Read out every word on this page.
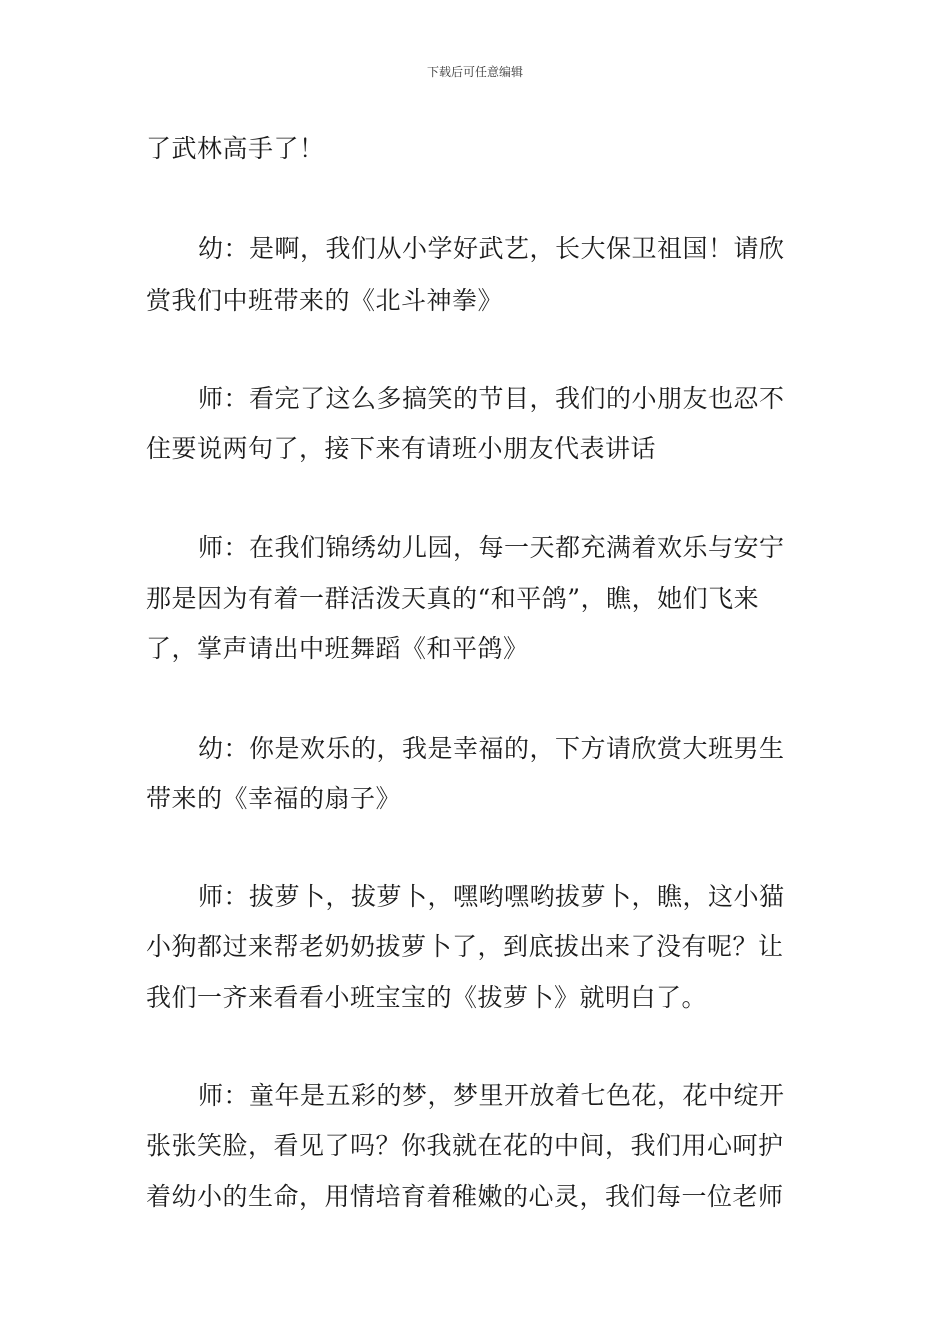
下载后可任意编辑
了武林高手了！
幼：是啊，我们从小学好武艺，长大保卫祖国！请欣
赏我们中班带来的《北斗神拳》
师：看完了这么多搞笑的节目，我们的小朋友也忍不
住要说两句了，接下来有请班小朋友代表讲话
师：在我们锦绣幼儿园，每一天都充满着欢乐与安宁
那是因为有着一群活泼天真的“和平鸽”，瞧，她们飞来
了，掌声请出中班舞蹈《和平鸽》
幼：你是欢乐的，我是幸福的，下方请欣赏大班男生
带来的《幸福的扇子》
师：拔萝卜，拔萝卜，嘿哟嘿哟拔萝卜，瞧，这小猫
小狗都过来帮老奶奶拔萝卜了，到底拔出来了没有呢？让
我们一齐来看看小班宝宝的《拔萝卜》就明白了。
师：童年是五彩的梦，梦里开放着七色花，花中绽开
张张笑脸，看见了吗？你我就在花的中间，我们用心呵护
着幼小的生命，用情培育着稚嫩的心灵，我们每一位老师
